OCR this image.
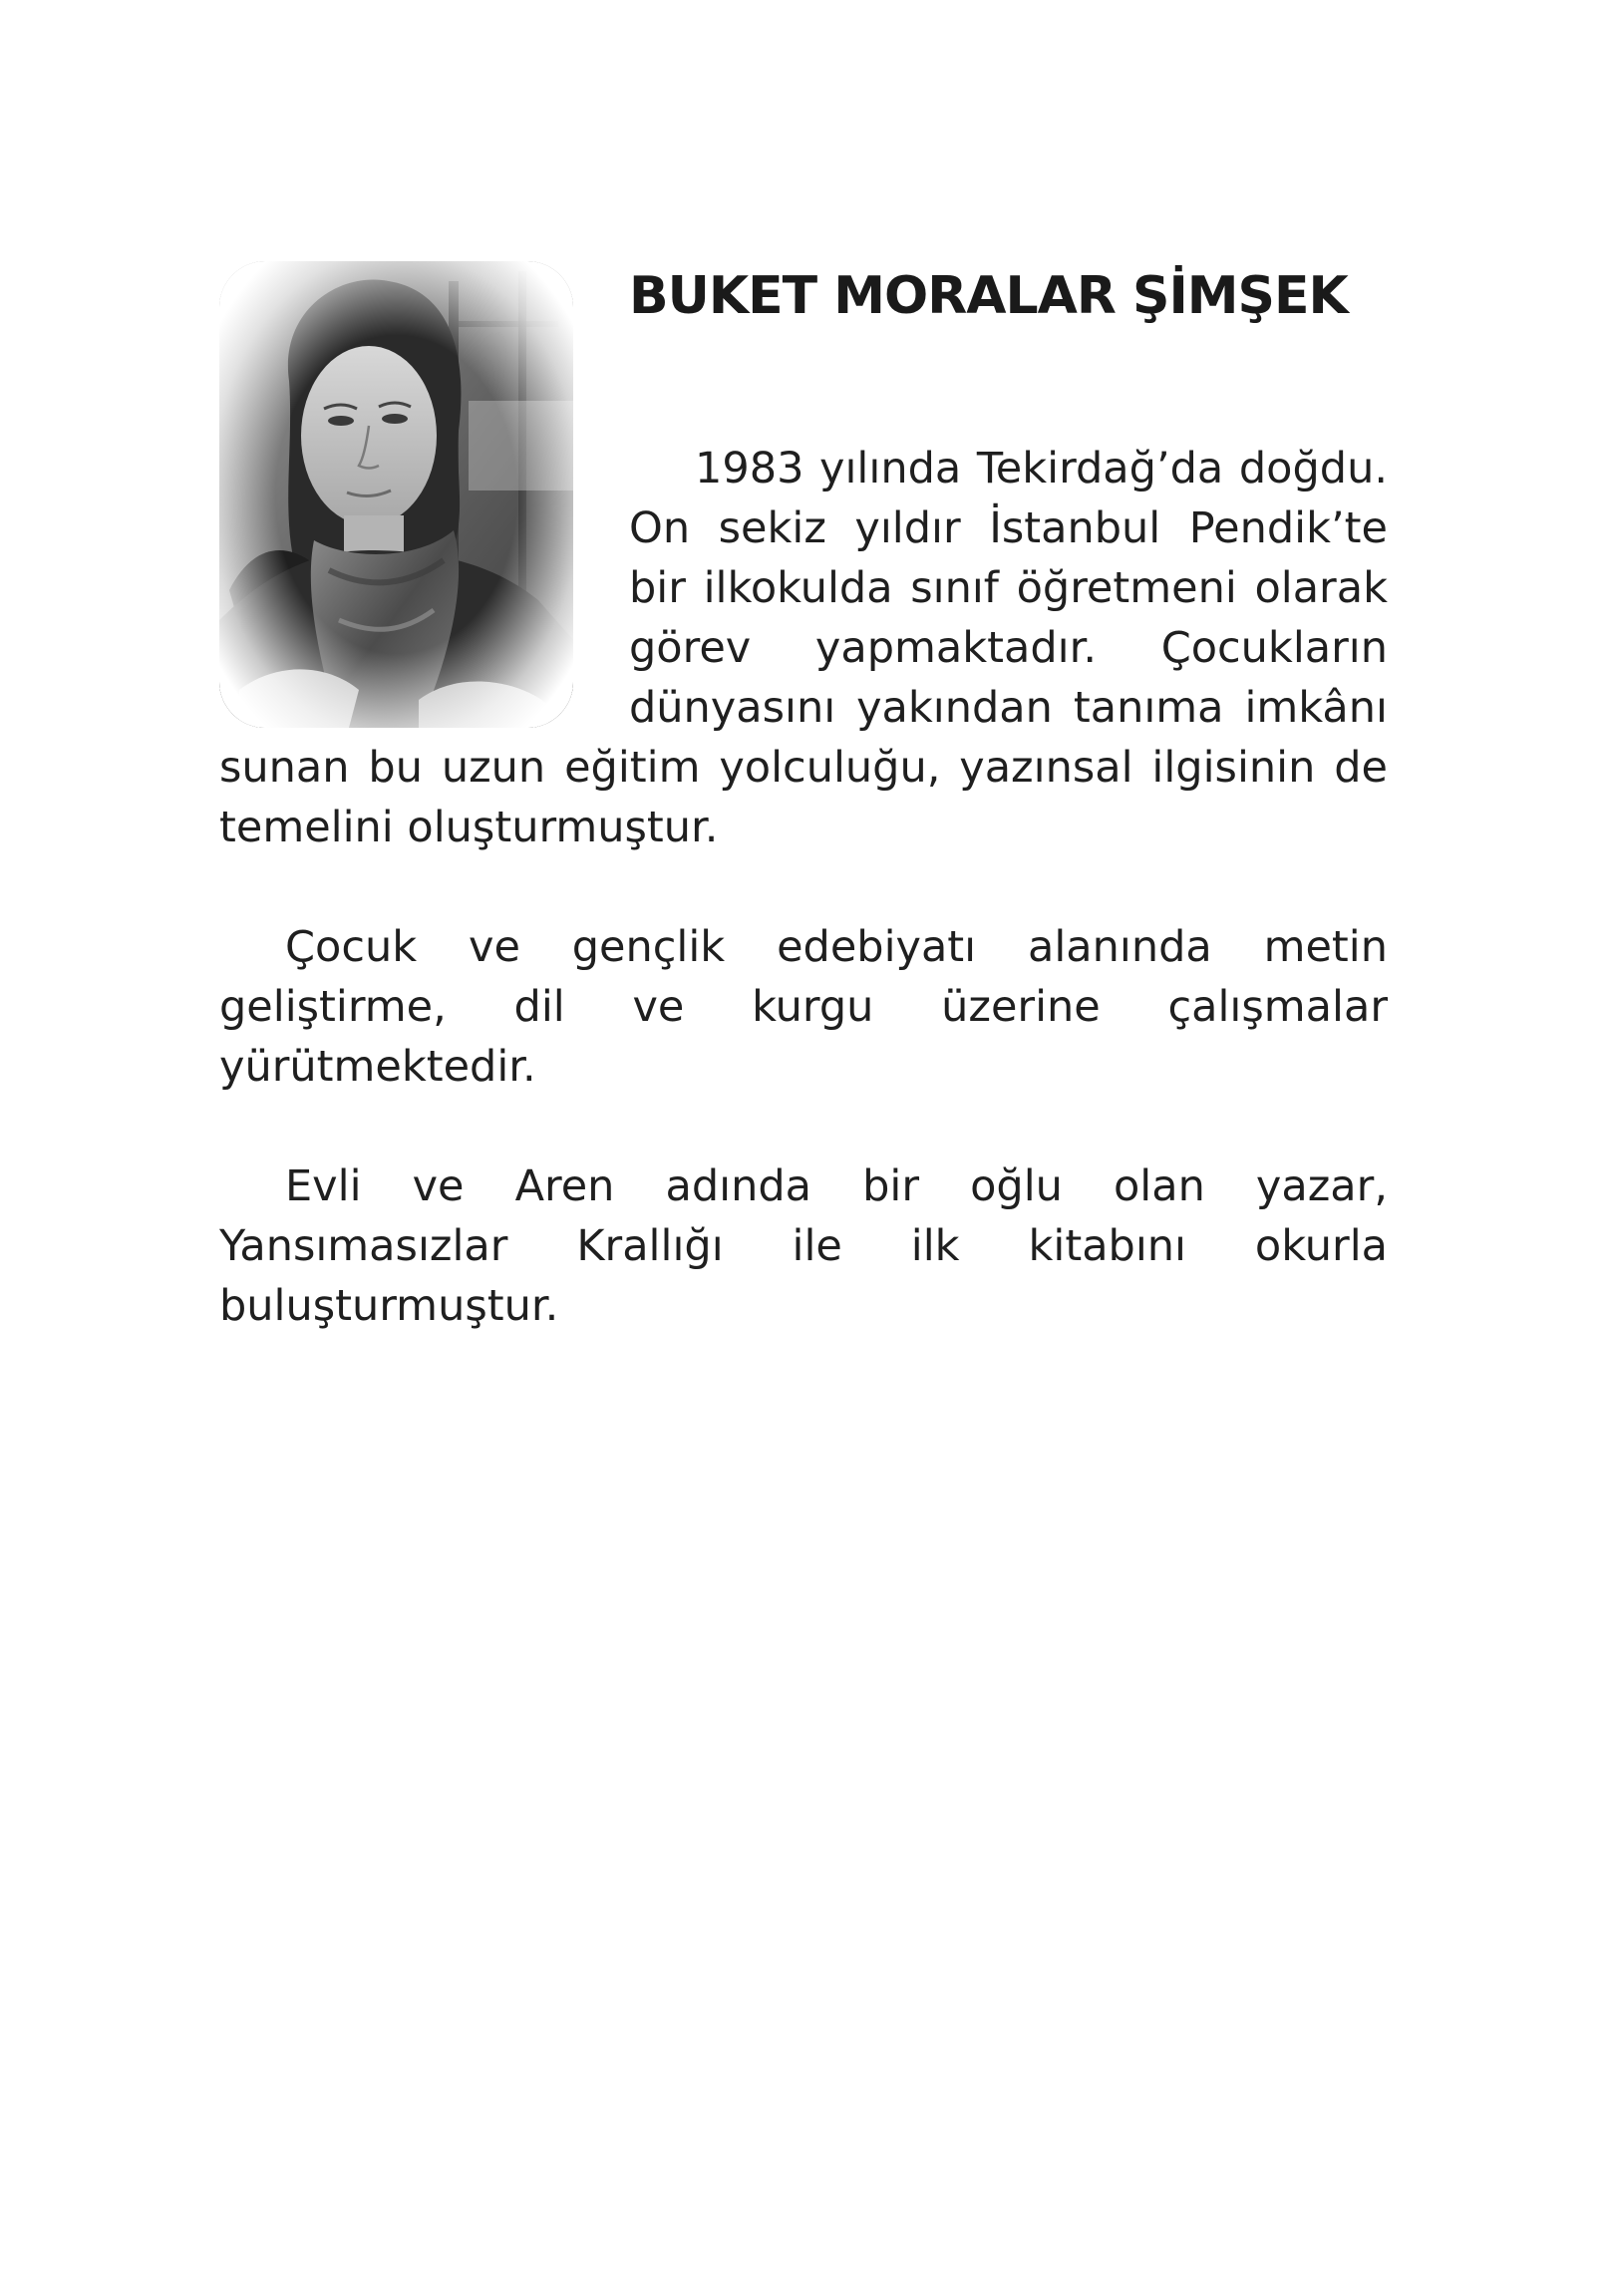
BUKET MORALAR ŞİMŞEK

1983 yılında Tekirdağ’da doğdu. On sekiz yıldır İstanbul Pendik’te bir ilkokulda sınıf öğretmeni olarak görev yapmaktadır. Çocukların dünyasını yakından tanıma imkânı sunan bu uzun eğitim yolculuğu, yazınsal ilgisinin de temelini oluşturmuştur.

Çocuk ve gençlik edebiyatı alanında metin geliştirme, dil ve kurgu üzerine çalışmalar yürütmektedir.

Evli ve Aren adında bir oğlu olan yazar, Yansımasızlar Krallığı ile ilk kitabını okurla buluşturmuştur.
